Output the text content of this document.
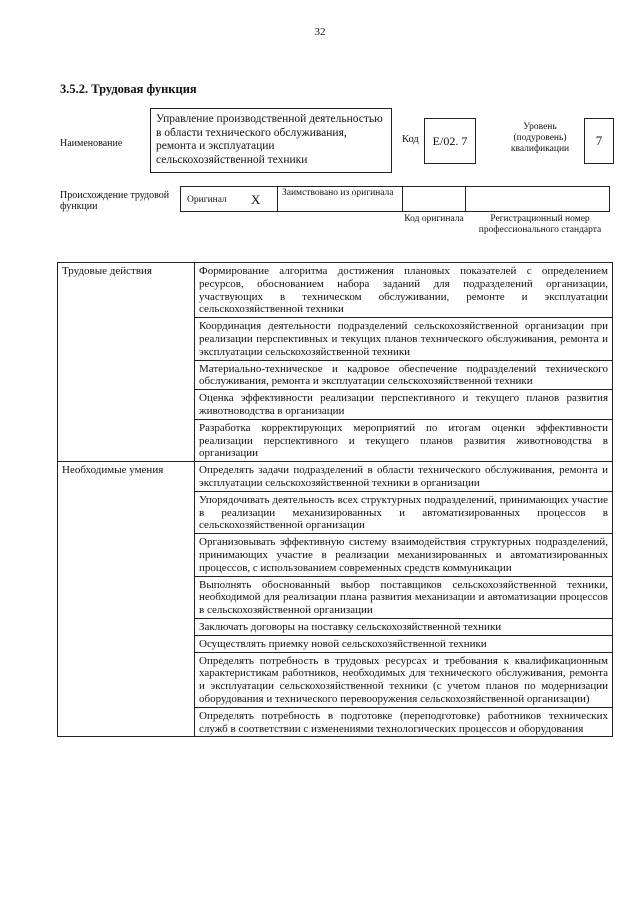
32
3.5.2. Трудовая функция
Наименование
Управление производственной деятельностью в области технического обслуживания, ремонта и эксплуатации сельскохозяйственной техники
Код E/02. 7
Уровень (подуровень) квалификации
7
Происхождение трудовой функции
Оригинал X Заимствовано из оригинала
Код оригинала	Регистрационный номер профессионального стандарта
Трудовые действия	Формирование алгоритма достижения плановых показателей с определением ресурсов, обоснованием набора заданий для подразделений организации, участвующих в техническом обслуживании, ремонте и эксплуатации сельскохозяйственной техники
	Координация деятельности подразделений сельскохозяйственной организации при реализации перспективных и текущих планов технического обслуживания, ремонта и эксплуатации сельскохозяйственной техники
	Материально-техническое и кадровое обеспечение подразделений технического обслуживания, ремонта и эксплуатации сельскохозяйственной техники
	Оценка эффективности реализации перспективного и текущего планов развития животноводства в организации
	Разработка корректирующих мероприятий по итогам оценки эффективности реализации перспективного и текущего планов развития животноводства в организации
Необходимые умения	Определять задачи подразделений в области технического обслуживания, ремонта и эксплуатации сельскохозяйственной техники в организации
	Упорядочивать деятельность всех структурных подразделений, принимающих участие в реализации механизированных и автоматизированных процессов в сельскохозяйственной организации
	Организовывать эффективную систему взаимодействия структурных подразделений, принимающих участие в реализации механизированных и автоматизированных процессов, с использованием современных средств коммуникации
	Выполнять обоснованный выбор поставщиков сельскохозяйственной техники, необходимой для реализации плана развития механизации и автоматизации процессов в сельскохозяйственной организации
	Заключать договоры на поставку сельскохозяйственной техники
	Осуществлять приемку новой сельскохозяйственной техники
	Определять потребность в трудовых ресурсах и требования к квалификационным характеристикам работников, необходимых для технического обслуживания, ремонта и эксплуатации сельскохозяйственной техники (с учетом планов по модернизации оборудования и технического перевооружения сельскохозяйственной организации)
	Определять потребность в подготовке (переподготовке) работников технических служб в соответствии с изменениями технологических процессов и оборудования
